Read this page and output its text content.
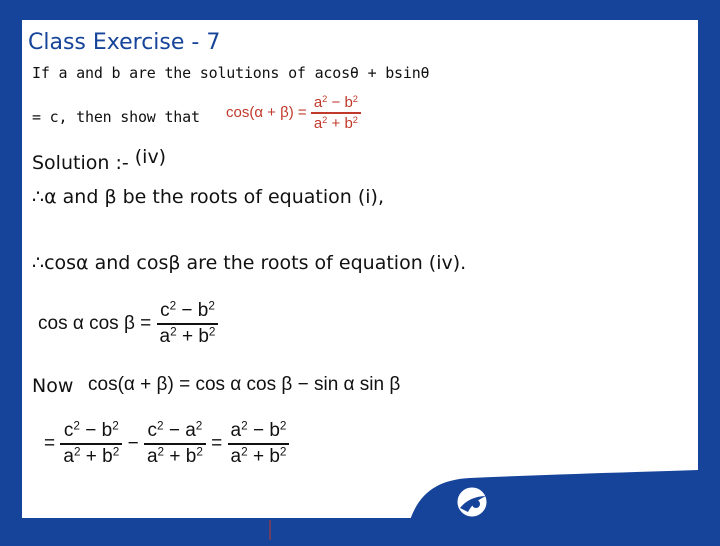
Class Exercise - 7
If a and b are the solutions of acosθ + bsinθ
= c, then show that $\cos(\alpha + \beta) = \frac{a^2 - b^2}{a^2 + b^2}$
Solution :- (iv)
∴α and β be the roots of equation (i),
∴cosα and cosβ are the roots of equation (iv).
cos α $\cos \beta = \frac{c^2 - b^2}{a^2 + b^2}$
Now cos(α + β) = cos α cos β − sin α sin β
= $\frac{c^2 - b^2}{a^2 + b^2} - \frac{c^2 - a^2}{a^2 + b^2} = \frac{a^2 - b^2}{a^2 + b^2}$
CAREER LAUNCHER
